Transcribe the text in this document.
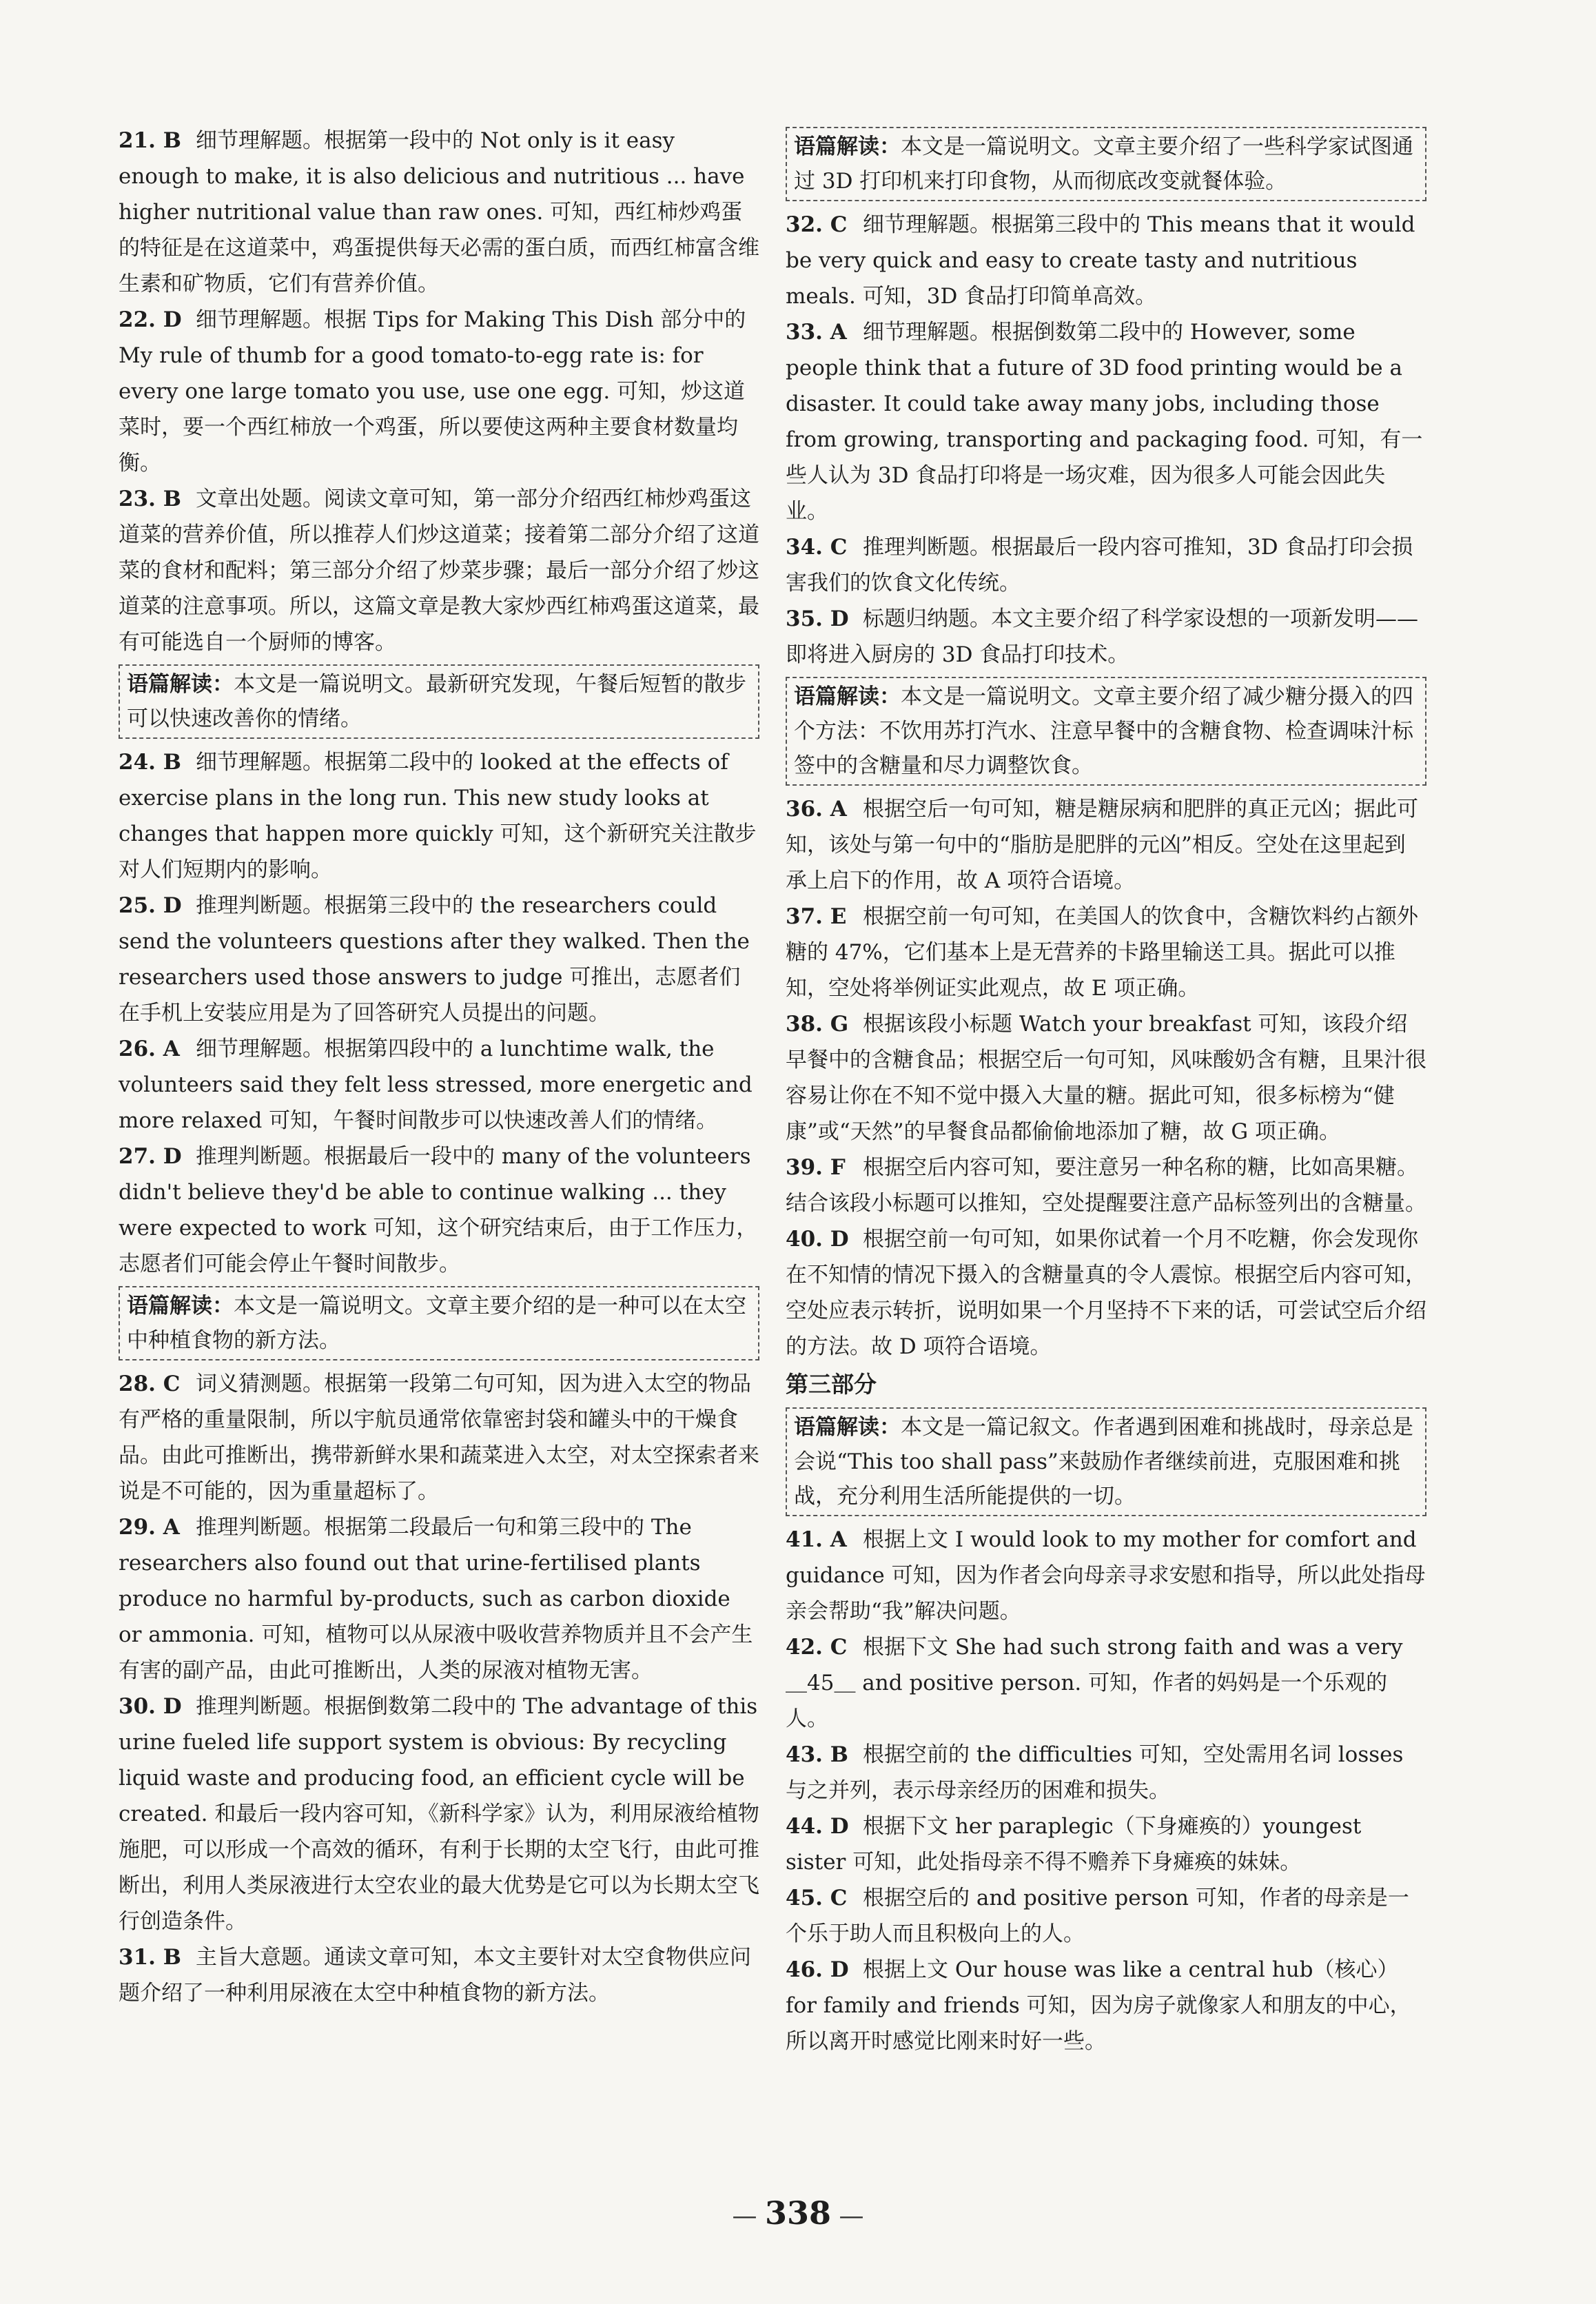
21. B 细节理解题。根据第一段中的 Not only is it easy enough to make, it is also delicious and nutritious ... have higher nutritional value than raw ones. 可知，西红柿炒鸡蛋的特征是在这道菜中，鸡蛋提供每天必需的蛋白质，而西红柿富含维生素和矿物质，它们有营养价值。

22. D 细节理解题。根据 Tips for Making This Dish 部分中的 My rule of thumb for a good tomato-to-egg rate is: for every one large tomato you use, use one egg. 可知，炒这道菜时，要一个西红柿放一个鸡蛋，所以要使这两种主要食材数量均衡。

23. B 文章出处题。阅读文章可知，第一部分介绍西红柿炒鸡蛋这道菜的营养价值，所以推荐人们炒这道菜；接着第二部分介绍了这道菜的食材和配料；第三部分介绍了炒菜步骤；最后一部分介绍了炒这道菜的注意事项。所以，这篇文章是教大家炒西红柿鸡蛋这道菜，最有可能选自一个厨师的博客。

语篇解读：本文是一篇说明文。最新研究发现，午餐后短暂的散步可以快速改善你的情绪。

24. B 细节理解题。根据第二段中的 looked at the effects of exercise plans in the long run. This new study looks at changes that happen more quickly 可知，这个新研究关注散步对人们短期内的影响。

25. D 推理判断题。根据第三段中的 the researchers could send the volunteers questions after they walked. Then the researchers used those answers to judge 可推出，志愿者们在手机上安装应用是为了回答研究人员提出的问题。

26. A 细节理解题。根据第四段中的 a lunchtime walk, the volunteers said they felt less stressed, more energetic and more relaxed 可知，午餐时间散步可以快速改善人们的情绪。

27. D 推理判断题。根据最后一段中的 many of the volunteers didn't believe they'd be able to continue walking ... they were expected to work 可知，这个研究结束后，由于工作压力，志愿者们可能会停止午餐时间散步。

语篇解读：本文是一篇说明文。文章主要介绍的是一种可以在太空中种植食物的新方法。

28. C 词义猜测题。根据第一段第二句可知，因为进入太空的物品有严格的重量限制，所以宇航员通常依靠密封袋和罐头中的干燥食品。由此可推断出，携带新鲜水果和蔬菜进入太空，对太空探索者来说是不可能的，因为重量超标了。

29. A 推理判断题。根据第二段最后一句和第三段中的 The researchers also found out that urine-fertilised plants produce no harmful by-products, such as carbon dioxide or ammonia. 可知，植物可以从尿液中吸收营养物质并且不会产生有害的副产品，由此可推断出，人类的尿液对植物无害。

30. D 推理判断题。根据倒数第二段中的 The advantage of this urine fueled life support system is obvious: By recycling liquid waste and producing food, an efficient cycle will be created. 和最后一段内容可知，《新科学家》认为，利用尿液给植物施肥，可以形成一个高效的循环，有利于长期的太空飞行，由此可推断出，利用人类尿液进行太空农业的最大优势是它可以为长期太空飞行创造条件。

31. B 主旨大意题。通读文章可知，本文主要针对太空食物供应问题介绍了一种利用尿液在太空中种植食物的新方法。

语篇解读：本文是一篇说明文。文章主要介绍了一些科学家试图通过 3D 打印机来打印食物，从而彻底改变就餐体验。

32. C 细节理解题。根据第三段中的 This means that it would be very quick and easy to create tasty and nutritious meals. 可知，3D 食品打印简单高效。

33. A 细节理解题。根据倒数第二段中的 However, some people think that a future of 3D food printing would be a disaster. It could take away many jobs, including those from growing, transporting and packaging food. 可知，有一些人认为 3D 食品打印将是一场灾难，因为很多人可能会因此失业。

34. C 推理判断题。根据最后一段内容可推知，3D 食品打印会损害我们的饮食文化传统。

35. D 标题归纳题。本文主要介绍了科学家设想的一项新发明——即将进入厨房的 3D 食品打印技术。

语篇解读：本文是一篇说明文。文章主要介绍了减少糖分摄入的四个方法：不饮用苏打汽水、注意早餐中的含糖食物、检查调味汁标签中的含糖量和尽力调整饮食。

36. A 根据空后一句可知，糖是糖尿病和肥胖的真正元凶；据此可知，该处与第一句中的“脂肪是肥胖的元凶”相反。空处在这里起到承上启下的作用，故 A 项符合语境。

37. E 根据空前一句可知，在美国人的饮食中，含糖饮料约占额外糖的 47%，它们基本上是无营养的卡路里输送工具。据此可以推知，空处将举例证实此观点，故 E 项正确。

38. G 根据该段小标题 Watch your breakfast 可知，该段介绍早餐中的含糖食品；根据空后一句可知，风味酸奶含有糖，且果汁很容易让你在不知不觉中摄入大量的糖。据此可知，很多标榜为“健康”或“天然”的早餐食品都偷偷地添加了糖，故 G 项正确。

39. F 根据空后内容可知，要注意另一种名称的糖，比如高果糖。结合该段小标题可以推知，空处提醒要注意产品标签列出的含糖量。

40. D 根据空前一句可知，如果你试着一个月不吃糖，你会发现你在不知情的情况下摄入的含糖量真的令人震惊。根据空后内容可知，空处应表示转折，说明如果一个月坚持不下来的话，可尝试空后介绍的方法。故 D 项符合语境。

第三部分
语篇解读：本文是一篇记叙文。作者遇到困难和挑战时，母亲总是会说“This too shall pass”来鼓励作者继续前进，克服困难和挑战，充分利用生活所能提供的一切。

41. A 根据上文 I would look to my mother for comfort and guidance 可知，因为作者会向母亲寻求安慰和指导，所以此处指母亲会帮助“我”解决问题。

42. C 根据下文 She had such strong faith and was a very ＿45＿ and positive person. 可知，作者的妈妈是一个乐观的人。

43. B 根据空前的 the difficulties 可知，空处需用名词 losses 与之并列，表示母亲经历的困难和损失。

44. D 根据下文 her paraplegic（下身瘫痪的）youngest sister 可知，此处指母亲不得不赡养下身瘫痪的妹妹。

45. C 根据空后的 and positive person 可知，作者的母亲是一个乐于助人而且积极向上的人。

46. D 根据上文 Our house was like a central hub（核心）for family and friends 可知，因为房子就像家人和朋友的中心，所以离开时感觉比刚来时好一些。

— 338 —
